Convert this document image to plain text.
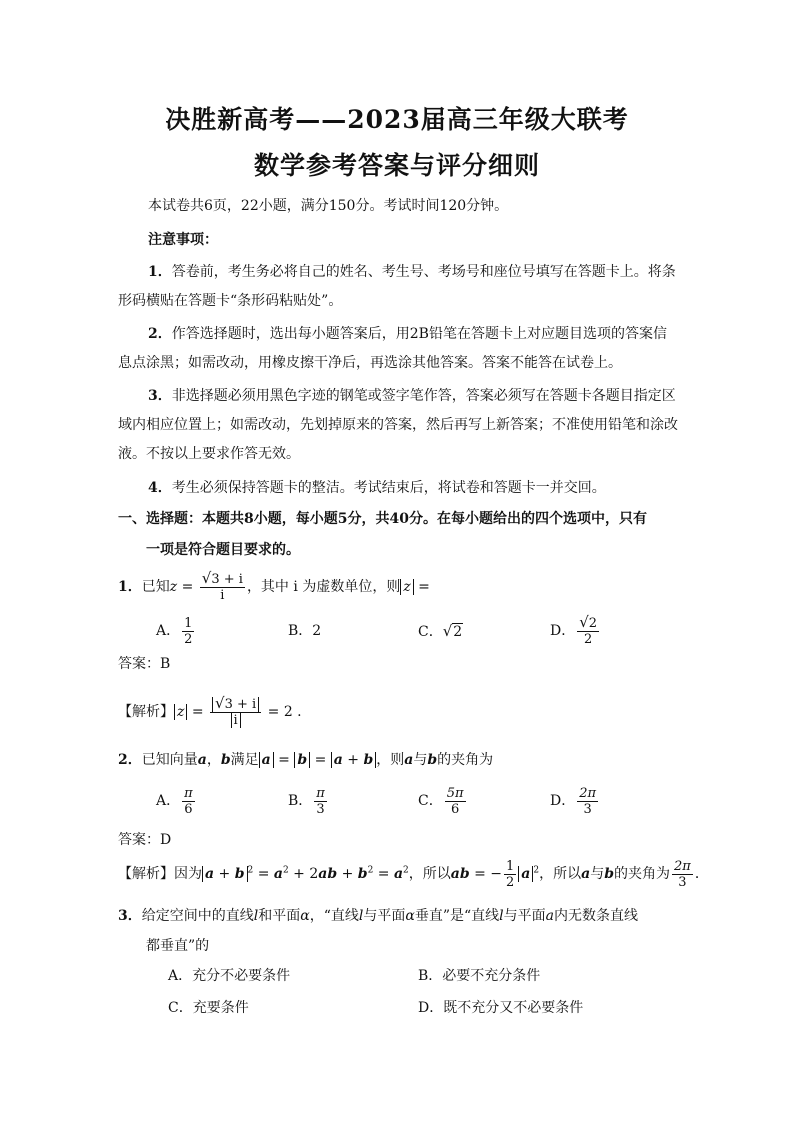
决胜新高考——2023届高三年级大联考
数学参考答案与评分细则
本试卷共6页，22小题，满分150分。考试时间120分钟。
注意事项：
1．答卷前，考生务必将自己的姓名、考生号、考场号和座位号填写在答题卡上。将条
形码横贴在答题卡“条形码粘贴处”。
2．作答选择题时，选出每小题答案后，用2B铅笔在答题卡上对应题目选项的答案信
息点涂黑；如需改动，用橡皮擦干净后，再选涂其他答案。答案不能答在试卷上。
3．非选择题必须用黑色字迹的钢笔或签字笔作答，答案必须写在答题卡各题目指定区
域内相应位置上；如需改动，先划掉原来的答案，然后再写上新答案；不准使用铅笔和涂改
液。不按以上要求作答无效。
4．考生必须保持答题卡的整洁。考试结束后，将试卷和答题卡一并交回。
一、选择题：本题共8小题，每小题5分，共40分。在每小题给出的四个选项中，只有
一项是符合题目要求的。
1．已知$z = \frac{√3 + i}{i}$ ，其中 i 为虚数单位，则 z =
A． $\frac{1}{2}$	B．2	C．√2	D． $\frac{√2}{2}$
答案：B
【解析】 $z = \frac{√3 + i}{i} = 2$ .
2．已知向量a，b满足 a = b = a + b ，则a与b的夹角为
A． $\frac{\pi}{6}$	B． $\frac{\pi}{3}$	C． $\frac{5\pi}{6}$	D． $\frac{2\pi}{3}$
答案：D
【解析】因为 a + b $^2 = a^2 + 2ab + b^2 = a^2$，所以ab = − $\frac{1}{2}$ a $^2$，所以a与b的夹角为 $\frac{2\pi}{3}$ ．
3．给定空间中的直线l和平面α，“直线l与平面α垂直”是“直线l与平面a内无数条直线
都垂直”的
A．充分不必要条件	B．必要不充分条件
C．充要条件	D．既不充分又不必要条件
